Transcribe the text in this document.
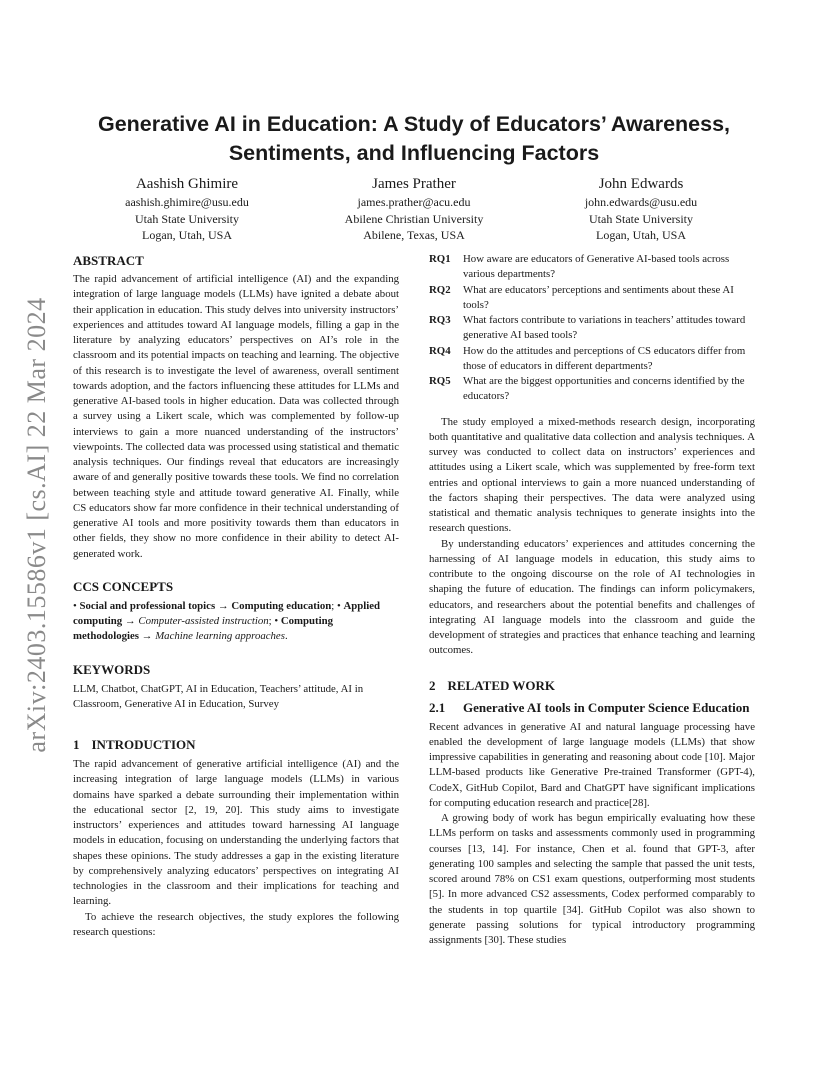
arXiv:2403.15586v1 [cs.AI] 22 Mar 2024
Generative AI in Education: A Study of Educators’ Awareness, Sentiments, and Influencing Factors
Aashish Ghimire
aashish.ghimire@usu.edu
Utah State University
Logan, Utah, USA
James Prather
james.prather@acu.edu
Abilene Christian University
Abilene, Texas, USA
John Edwards
john.edwards@usu.edu
Utah State University
Logan, Utah, USA
ABSTRACT

The rapid advancement of artificial intelligence (AI) and the expanding integration of large language models (LLMs) have ignited a debate about their application in education. This study delves into university instructors’ experiences and attitudes toward AI language models, filling a gap in the literature by analyzing educators’ perspectives on AI’s role in the classroom and its potential impacts on teaching and learning. The objective of this research is to investigate the level of awareness, overall sentiment towards adoption, and the factors influencing these attitudes for LLMs and generative AI-based tools in higher education. Data was collected through a survey using a Likert scale, which was complemented by follow-up interviews to gain a more nuanced understanding of the instructors’ viewpoints. The collected data was processed using statistical and thematic analysis techniques. Our findings reveal that educators are increasingly aware of and generally positive towards these tools. We find no correlation between teaching style and attitude toward generative AI. Finally, while CS educators show far more confidence in their technical understanding of generative AI tools and more positivity towards them than educators in other fields, they show no more confidence in their ability to detect AI-generated work.

CCS CONCEPTS

• Social and professional topics → Computing education; • Applied computing → Computer-assisted instruction; • Computing methodologies → Machine learning approaches.

KEYWORDS

LLM, Chatbot, ChatGPT, AI in Education, Teachers’ attitude, AI in Classroom, Generative AI in Education, Survey

1 INTRODUCTION

The rapid advancement of generative artificial intelligence (AI) and the increasing integration of large language models (LLMs) in various domains have sparked a debate surrounding their implementation within the educational sector [2, 19, 20]. This study aims to investigate instructors’ experiences and attitudes toward harnessing AI language models in education, focusing on understanding the underlying factors that shapes these opinions. The study addresses a gap in the existing literature by comprehensively analyzing educators’ perspectives on integrating AI technologies in the classroom and their implications for teaching and learning.

To achieve the research objectives, the study explores the following research questions:

RQ1	How aware are educators of Generative AI-based tools across various departments?
RQ2	What are educators’ perceptions and sentiments about these AI tools?
RQ3	What factors contribute to variations in teachers’ attitudes toward generative AI based tools?
RQ4	How do the attitudes and perceptions of CS educators differ from those of educators in different departments?
RQ5	What are the biggest opportunities and concerns identified by the educators?

The study employed a mixed-methods research design, incorporating both quantitative and qualitative data collection and analysis techniques. A survey was conducted to collect data on instructors’ experiences and attitudes using a Likert scale, which was supplemented by free-form text entries and optional interviews to gain a more nuanced understanding of the factors shaping their perspectives. The data were analyzed using statistical and thematic analysis techniques to generate insights into the research questions.

By understanding educators’ experiences and attitudes concerning the harnessing of AI language models in education, this study aims to contribute to the ongoing discourse on the role of AI technologies in shaping the future of education. The findings can inform policymakers, educators, and researchers about the potential benefits and challenges of integrating AI language models into the classroom and guide the development of strategies and practices that enhance teaching and learning outcomes.

2 RELATED WORK
2.1 Generative AI tools in Computer Science Education

Recent advances in generative AI and natural language processing have enabled the development of large language models (LLMs) that show impressive capabilities in generating and reasoning about code [10]. Major LLM-based products like Generative Pre-trained Transformer (GPT-4), CodeX, GitHub Copilot, Bard and ChatGPT have significant implications for computing education research and practice[28].

A growing body of work has begun empirically evaluating how these LLMs perform on tasks and assessments commonly used in programming courses [13, 14]. For instance, Chen et al. found that GPT-3, after generating 100 samples and selecting the sample that passed the unit tests, scored around 78% on CS1 exam questions, outperforming most students [5]. In more advanced CS2 assessments, Codex performed comparably to the students in top quartile [34]. GitHub Copilot was also shown to generate passing solutions for typical introductory programming assignments [30]. These studies
